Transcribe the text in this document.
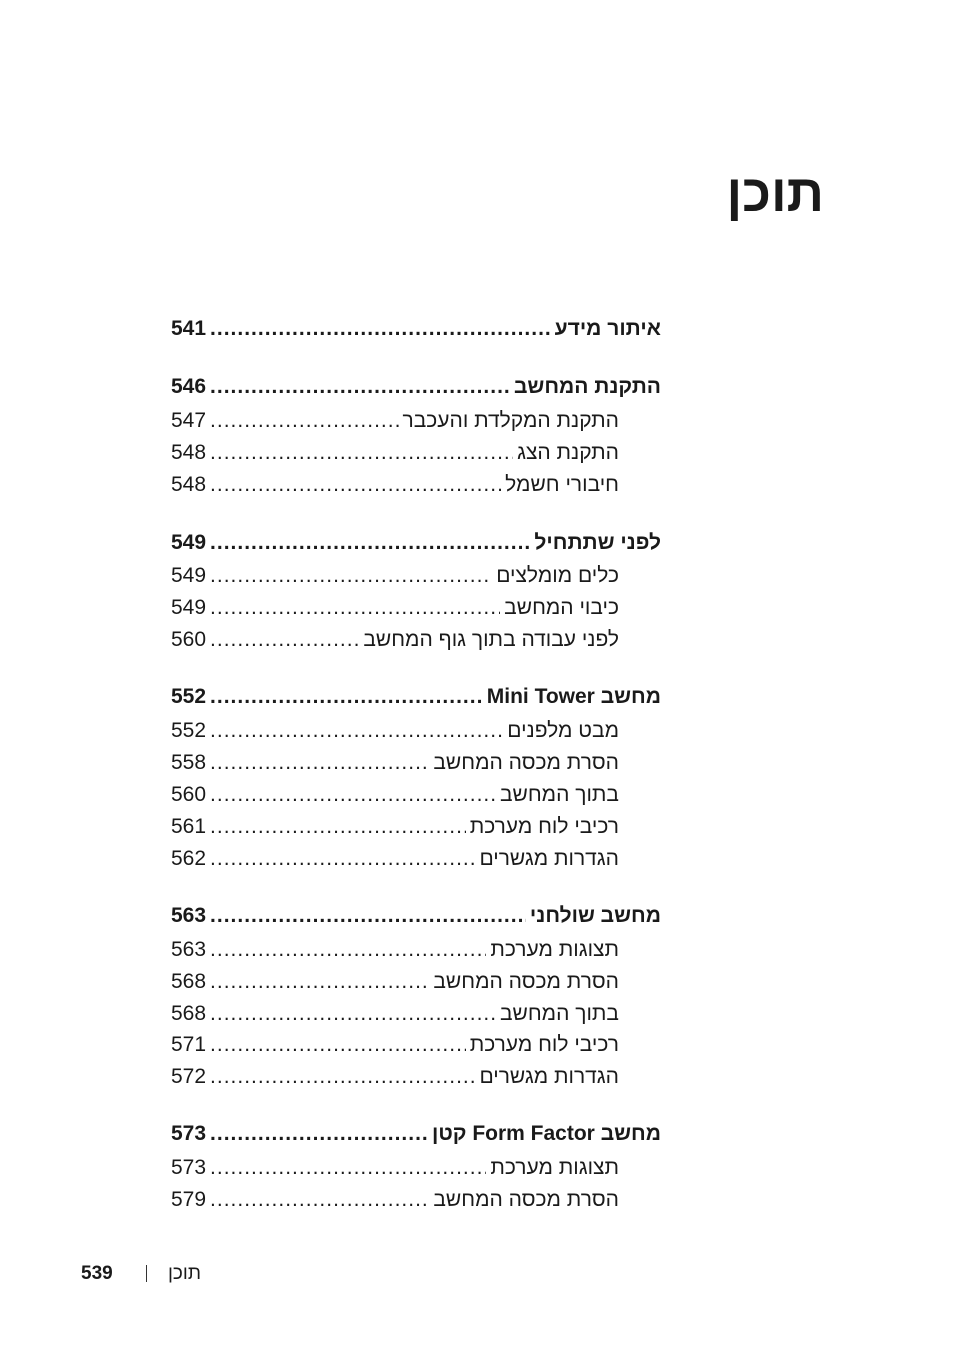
תוכן
איתור מידע
.....
541
התקנת המחשב
.....
546
התקנת המקלדת והעכבר
.....
547
התקנת הצג
.....
548
חיבורי חשמל
.....
548
לפני שתתחיל
.....
549
כלים מומלצים
.....
549
כיבוי המחשב
.....
549
לפני עבודה בתוך גוף המחשב
.....
560
מחשב Mini Tower
.....
552
מבט מלפנים
.....
552
הסרת מכסה המחשב
.....
558
בתוך המחשב
.....
560
רכיבי לוח מערכת
.....
561
הגדרות מגשרים
.....
562
מחשב שולחני
.....
563
תצוגות מערכת
.....
563
הסרת מכסה המחשב
.....
568
בתוך המחשב
.....
568
רכיבי לוח מערכת
.....
571
הגדרות מגשרים
.....
572
מחשב Form Factor קטן
.....
573
תצוגות מערכת
.....
573
הסרת מכסה המחשב
.....
579
539	תוכן
